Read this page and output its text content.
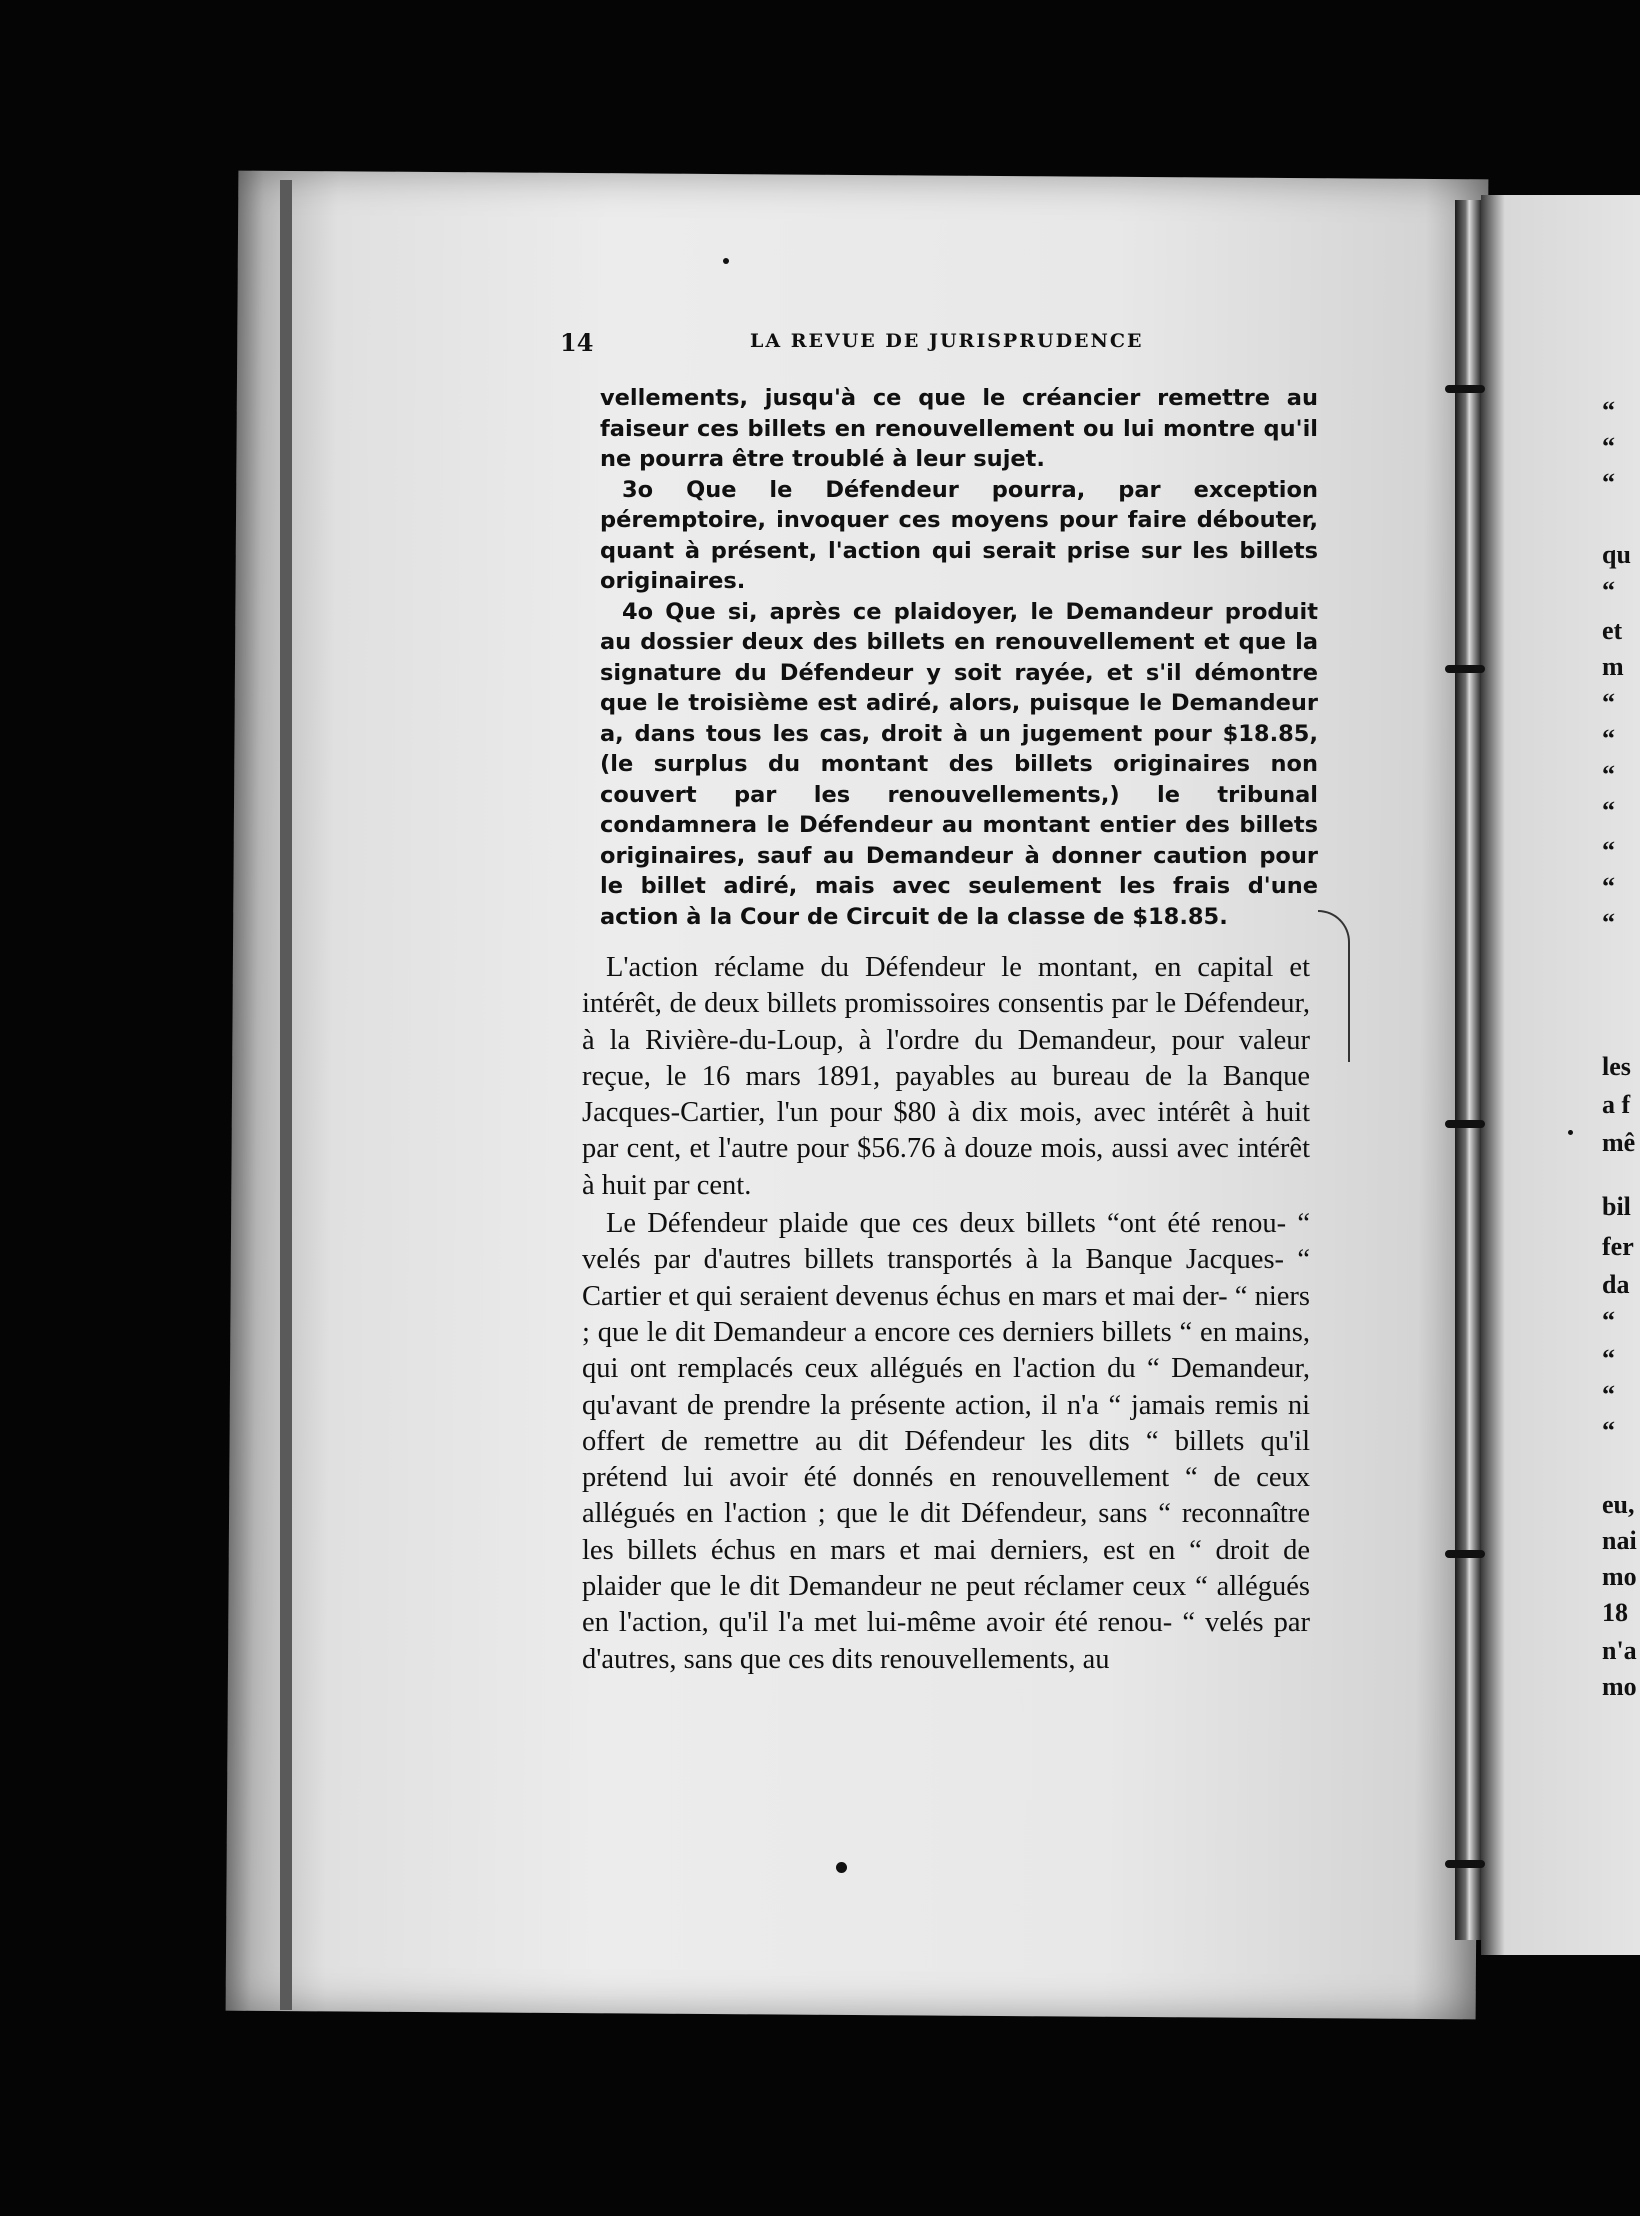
14	LA REVUE DE JURISPRUDENCE

vellements, jusqu'à ce que le créancier remettre au faiseur ces billets en renouvellement ou lui montre qu'il ne pourra être troublé à leur sujet.

3o Que le Défendeur pourra, par exception péremptoire, invoquer ces moyens pour faire débouter, quant à présent, l'action qui serait prise sur les billets originaires.

4o Que si, après ce plaidoyer, le Demandeur produit au dossier deux des billets en renouvellement et que la signature du Défendeur y soit rayée, et s'il démontre que le troisième est adiré, alors, puisque le Demandeur a, dans tous les cas, droit à un jugement pour $18.85, (le surplus du montant des billets originaires non couvert par les renouvellements,) le tribunal condamnera le Défendeur au montant entier des billets originaires, sauf au Demandeur à donner caution pour le billet adiré, mais avec seulement les frais d'une action à la Cour de Circuit de la classe de $18.85.

L'action réclame du Défendeur le montant, en capital et intérêt, de deux billets promissoires consentis par le Défendeur, à la Rivière-du-Loup, à l'ordre du Demandeur, pour valeur reçue, le 16 mars 1891, payables au bureau de la Banque Jacques-Cartier, l'un pour $80 à dix mois, avec intérêt à huit par cent, et l'autre pour $56.76 à douze mois, aussi avec intérêt à huit par cent.

Le Défendeur plaide que ces deux billets “ont été renou- “ velés par d'autres billets transportés à la Banque Jacques- “ Cartier et qui seraient devenus échus en mars et mai der- “ niers ; que le dit Demandeur a encore ces derniers billets “ en mains, qui ont remplacés ceux allégués en l'action du “ Demandeur, qu'avant de prendre la présente action, il n'a “ jamais remis ni offert de remettre au dit Défendeur les dits “ billets qu'il prétend lui avoir été donnés en renouvellement “ de ceux allégués en l'action ; que le dit Défendeur, sans “ reconnaître les billets échus en mars et mai derniers, est en “ droit de plaider que le dit Demandeur ne peut réclamer ceux “ allégués en l'action, qu'il l'a met lui-même avoir été renou- “ velés par d'autres, sans que ces dits renouvellements, au

“
“
“
qu
“
et
m
“
“
“
“
“
“
“
les
a f
mê
bil
fer
da
“
“
“
“
eu,
nai
mo
18
n'a
mo
